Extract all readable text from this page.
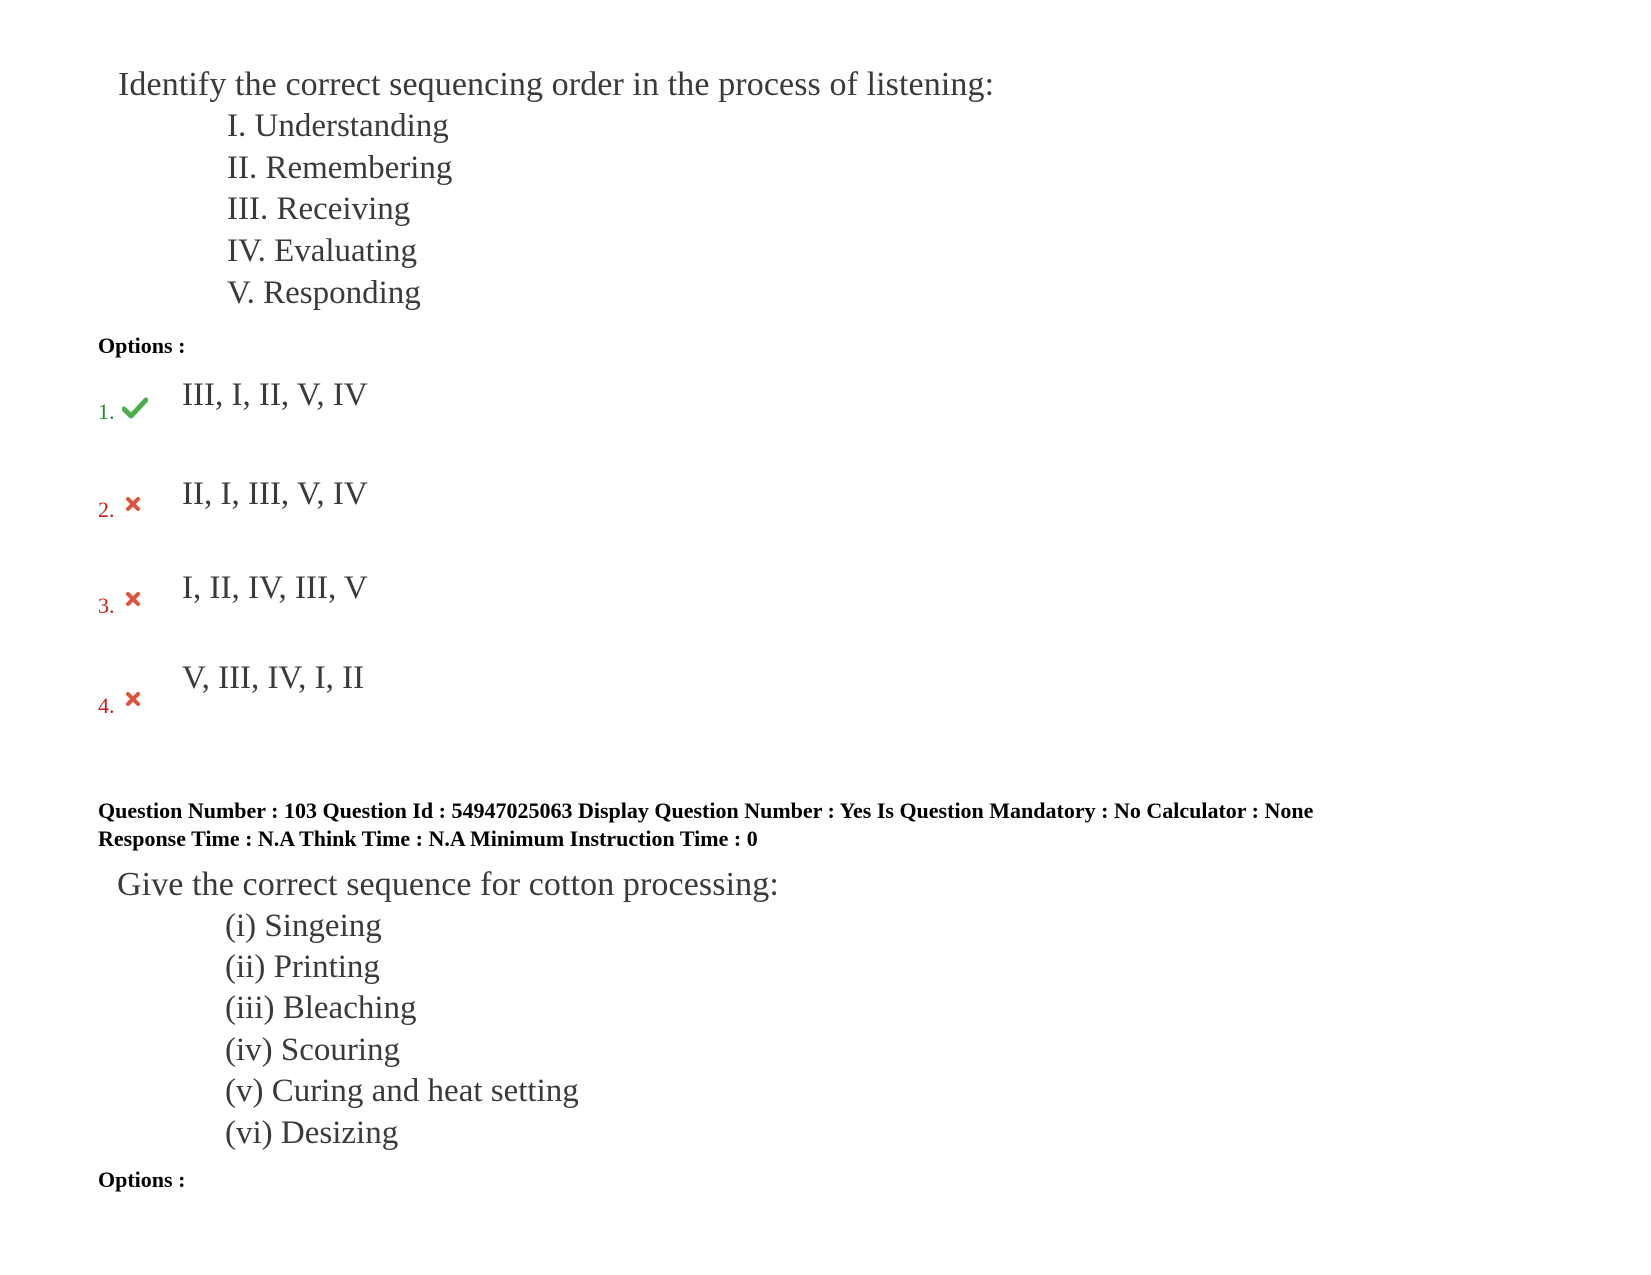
Identify the correct sequencing order in the process of listening:
I. Understanding
II. Remembering
III. Receiving
IV. Evaluating
V. Responding
Options :
1. III, I, II, V, IV
2. II, I, III, V, IV
3. I, II, IV, III, V
4.
V, III, IV, I, II
Question Number : 103 Question Id : 54947025063 Display Question Number : Yes Is Question Mandatory : No Calculator : None
Response Time : N.A Think Time : N.A Minimum Instruction Time : 0
Give the correct sequence for cotton processing:
(i) Singeing
(ii) Printing
(iii) Bleaching
(iv) Scouring
(v) Curing and heat setting
(vi) Desizing
Options :
